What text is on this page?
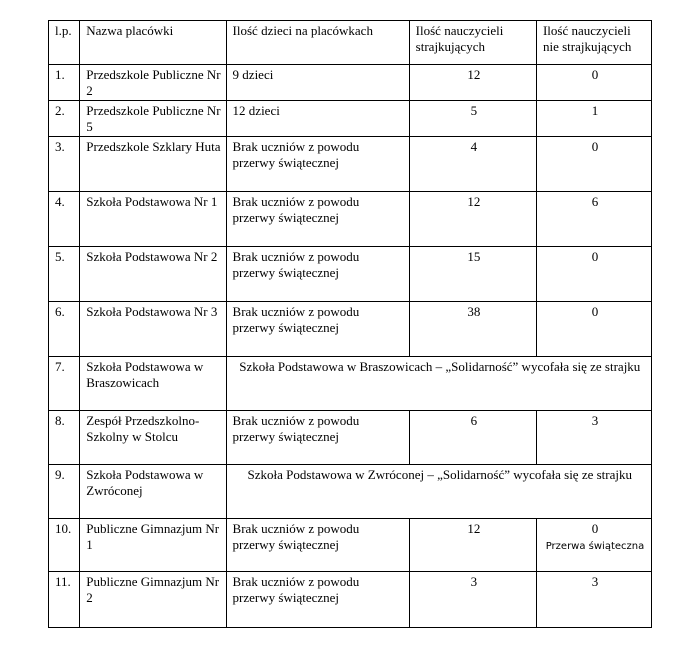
l.p.	Nazwa placówki	Ilość dzieci na placówkach	Ilość nauczycieli strajkujących	Ilość nauczycieli nie strajkujących
1.	Przedszkole Publiczne Nr 2	9 dzieci	12	0
2.	Przedszkole Publiczne Nr 5	12 dzieci	5	1
3.	Przedszkole Szklary Huta	Brak uczniów z powodu przerwy świątecznej	4	0
4.	Szkoła Podstawowa Nr 1	Brak uczniów z powodu przerwy świątecznej	12	6
5.	Szkoła Podstawowa Nr 2	Brak uczniów z powodu przerwy świątecznej	15	0
6.	Szkoła Podstawowa Nr 3	Brak uczniów z powodu przerwy świątecznej	38	0
7.	Szkoła Podstawowa w Braszowicach	Szkoła Podstawowa w Braszowicach – „Solidarność” wycofała się ze strajku		
8.	Zespół Przedszkolno-Szkolny w Stolcu	Brak uczniów z powodu przerwy świątecznej	6	3
9.	Szkoła Podstawowa w Zwróconej	Szkoła Podstawowa w Zwróconej – „Solidarność” wycofała się ze strajku		
10.	Publiczne Gimnazjum Nr 1	Brak uczniów z powodu przerwy świątecznej	12	0
Przerwa świąteczna

11.	Publiczne Gimnazjum Nr 2	Brak uczniów z powodu przerwy świątecznej	3	3
